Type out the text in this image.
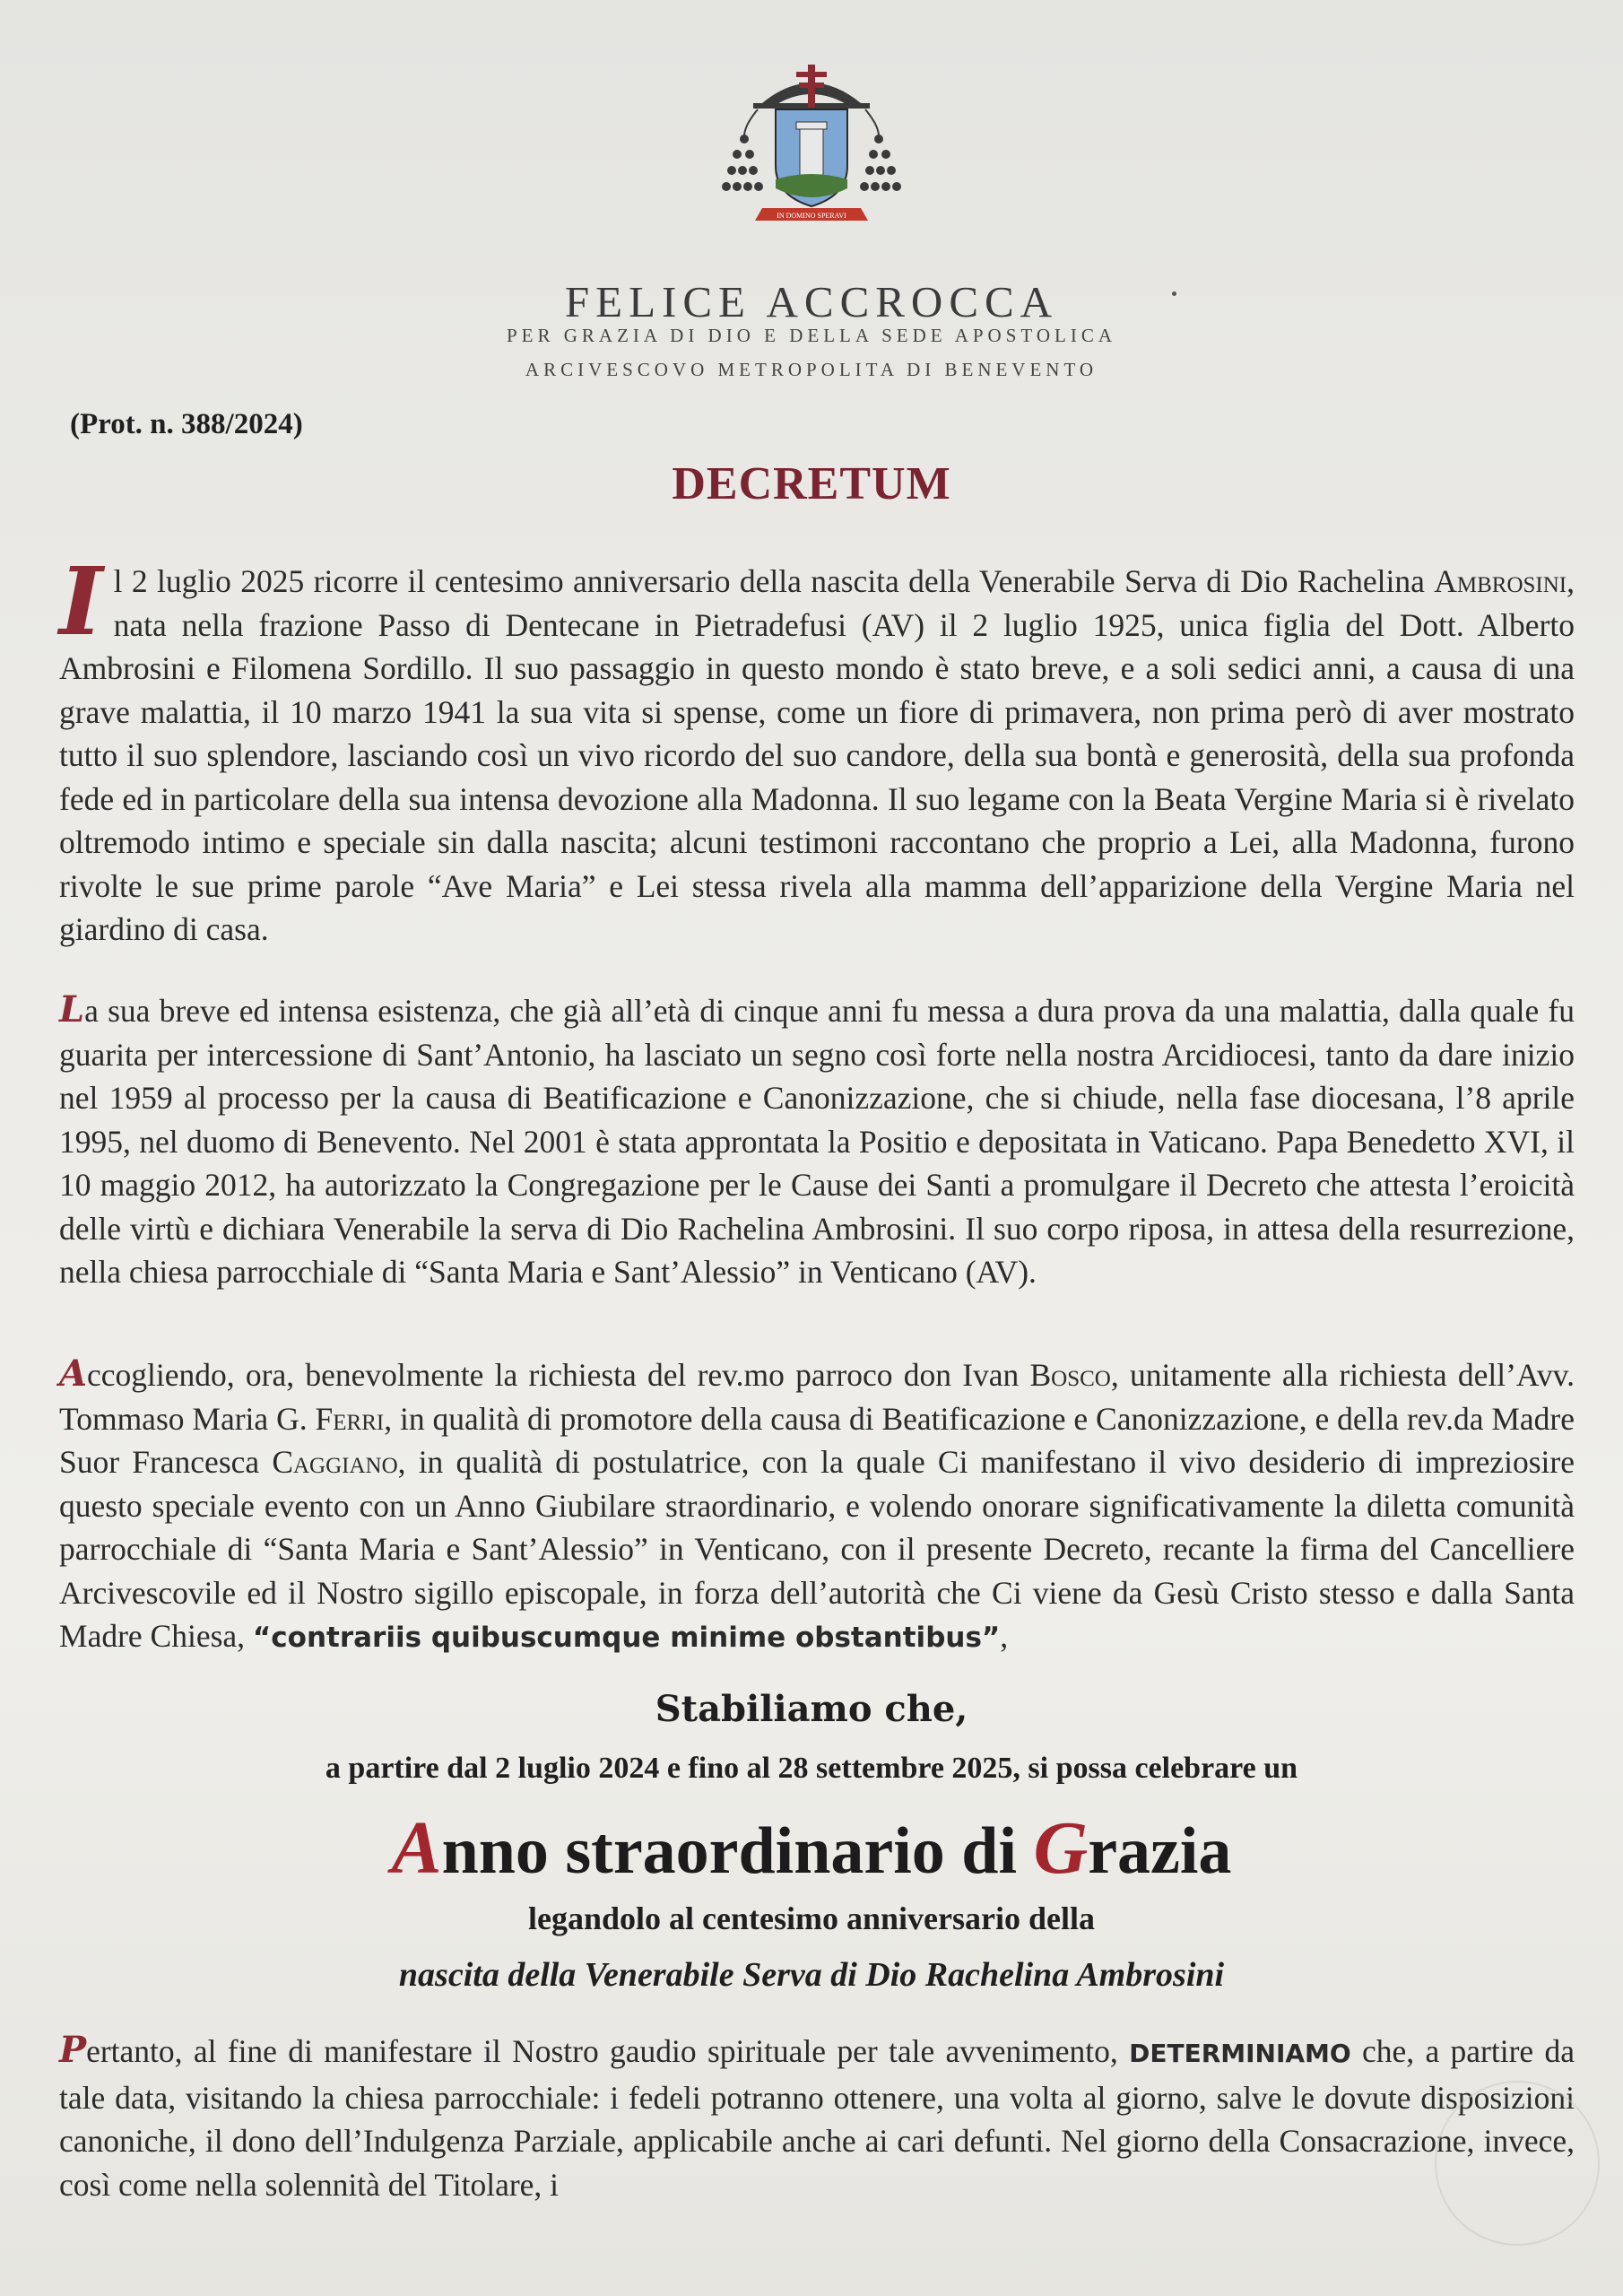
IN DOMINO SPERAVI
FELICE ACCROCCA
PER GRAZIA DI DIO E DELLA SEDE APOSTOLICA
ARCIVESCOVO METROPOLITA DI BENEVENTO
(Prot. n. 388/2024)
DECRETUM
Il 2 luglio 2025 ricorre il centesimo anniversario della nascita della Venerabile Serva di Dio Rachelina Ambrosini, nata nella frazione Passo di Dentecane in Pietradefusi (AV) il 2 luglio 1925, unica figlia del Dott. Alberto Ambrosini e Filomena Sordillo. Il suo passaggio in questo mondo è stato breve, e a soli sedici anni, a causa di una grave malattia, il 10 marzo 1941 la sua vita si spense, come un fiore di primavera, non prima però di aver mostrato tutto il suo splendore, lasciando così un vivo ricordo del suo candore, della sua bontà e generosità, della sua profonda fede ed in particolare della sua intensa devozione alla Madonna. Il suo legame con la Beata Vergine Maria si è rivelato oltremodo intimo e speciale sin dalla nascita; alcuni testimoni raccontano che proprio a Lei, alla Madonna, furono rivolte le sue prime parole “Ave Maria” e Lei stessa rivela alla mamma dell’apparizione della Vergine Maria nel giardino di casa.
La sua breve ed intensa esistenza, che già all’età di cinque anni fu messa a dura prova da una malattia, dalla quale fu guarita per intercessione di Sant’Antonio, ha lasciato un segno così forte nella nostra Arcidiocesi, tanto da dare inizio nel 1959 al processo per la causa di Beatificazione e Canonizzazione, che si chiude, nella fase diocesana, l’8 aprile 1995, nel duomo di Benevento. Nel 2001 è stata approntata la Positio e depositata in Vaticano. Papa Benedetto XVI, il 10 maggio 2012, ha autorizzato la Congregazione per le Cause dei Santi a promulgare il Decreto che attesta l’eroicità delle virtù e dichiara Venerabile la serva di Dio Rachelina Ambrosini. Il suo corpo riposa, in attesa della resurrezione, nella chiesa parrocchiale di “Santa Maria e Sant’Alessio” in Venticano (AV).
Accogliendo, ora, benevolmente la richiesta del rev.mo parroco don Ivan Bosco, unitamente alla richiesta dell’Avv. Tommaso Maria G. Ferri, in qualità di promotore della causa di Beatificazione e Canonizzazione, e della rev.da Madre Suor Francesca Caggiano, in qualità di postulatrice, con la quale Ci manifestano il vivo desiderio di impreziosire questo speciale evento con un Anno Giubilare straordinario, e volendo onorare significativamente la diletta comunità parrocchiale di “Santa Maria e Sant’Alessio” in Venticano, con il presente Decreto, recante la firma del Cancelliere Arcivescovile ed il Nostro sigillo episcopale, in forza dell’autorità che Ci viene da Gesù Cristo stesso e dalla Santa Madre Chiesa, “contrariis quibuscumque minime obstantibus”,
Stabiliamo che,
a partire dal 2 luglio 2024 e fino al 28 settembre 2025, si possa celebrare un
Anno straordinario di Grazia
legandolo al centesimo anniversario della
nascita della Venerabile Serva di Dio Rachelina Ambrosini
Pertanto, al fine di manifestare il Nostro gaudio spirituale per tale avvenimento, DETERMINIAMO che, a partire da tale data, visitando la chiesa parrocchiale: i fedeli potranno ottenere, una volta al giorno, salve le dovute disposizioni canoniche, il dono dell’Indulgenza Parziale, applicabile anche ai cari defunti. Nel giorno della Consacrazione, invece, così come nella solennità del Titolare, i
